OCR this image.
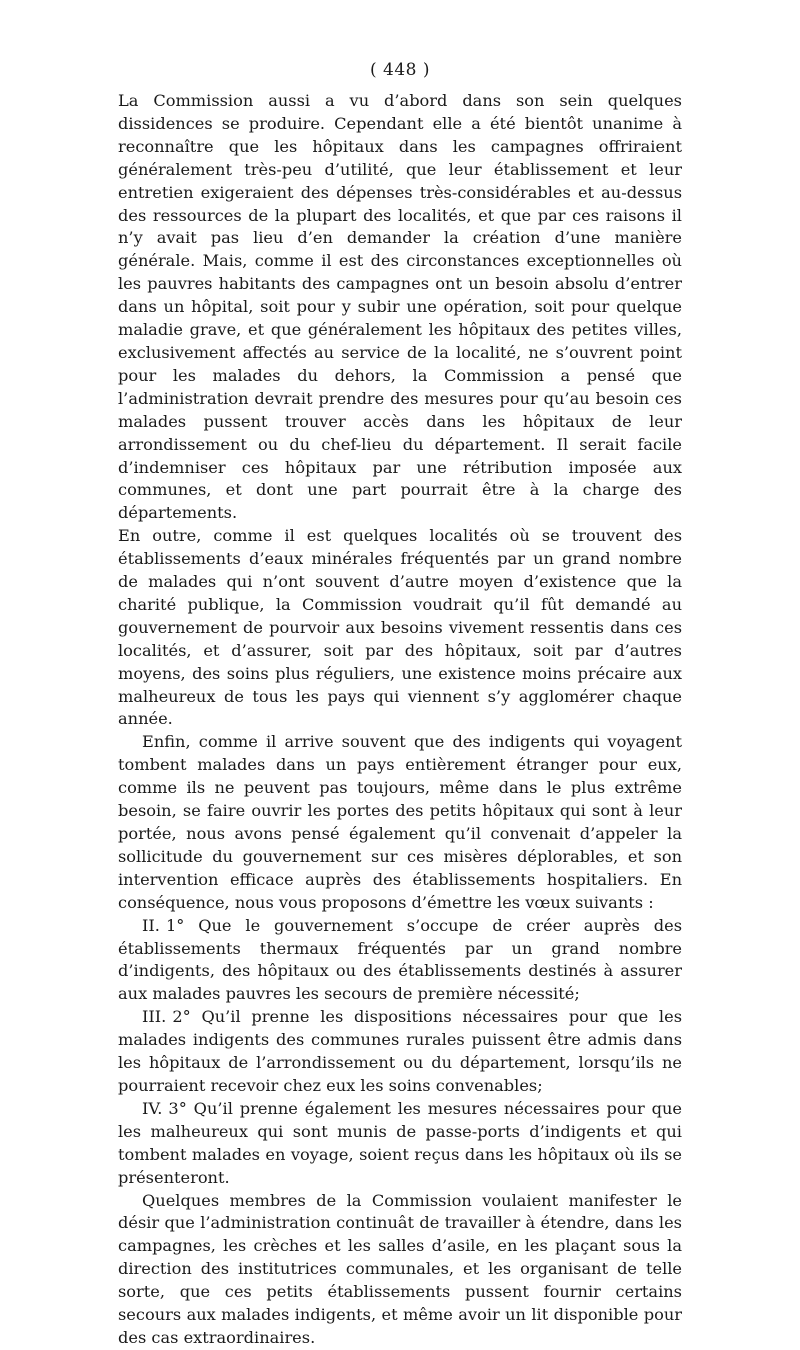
( 448 )

La Commission aussi a vu d’abord dans son sein quelques dissidences se produire. Cependant elle a été bientôt unanime à reconnaître que les hôpitaux dans les campagnes offriraient généralement très-peu d’utilité, que leur établissement et leur entretien exigeraient des dépenses très-considérables et au-dessus des ressources de la plupart des localités, et que par ces raisons il n’y avait pas lieu d’en demander la création d’une manière générale. Mais, comme il est des circonstances exceptionnelles où les pauvres habitants des campagnes ont un besoin absolu d’entrer dans un hôpital, soit pour y subir une opération, soit pour quelque maladie grave, et que généralement les hôpitaux des petites villes, exclusivement affectés au service de la localité, ne s’ouvrent point pour les malades du dehors, la Commission a pensé que l’administration devrait prendre des mesures pour qu’au besoin ces malades pussent trouver accès dans les hôpitaux de leur arrondissement ou du chef-lieu du département. Il serait facile d’indemniser ces hôpitaux par une rétribution imposée aux communes, et dont une part pourrait être à la charge des départements.

En outre, comme il est quelques localités où se trouvent des établissements d’eaux minérales fréquentés par un grand nombre de malades qui n’ont souvent d’autre moyen d’existence que la charité publique, la Commission voudrait qu’il fût demandé au gouvernement de pourvoir aux besoins vivement ressentis dans ces localités, et d’assurer, soit par des hôpitaux, soit par d’autres moyens, des soins plus réguliers, une existence moins précaire aux malheureux de tous les pays qui viennent s’y agglomérer chaque année.

Enfin, comme il arrive souvent que des indigents qui voyagent tombent malades dans un pays entièrement étranger pour eux, comme ils ne peuvent pas toujours, même dans le plus extrême besoin, se faire ouvrir les portes des petits hôpitaux qui sont à leur portée, nous avons pensé également qu’il convenait d’appeler la sollicitude du gouvernement sur ces misères déplorables, et son intervention efficace auprès des établissements hospitaliers. En conséquence, nous vous proposons d’émettre les vœux suivants :

II. 1° Que le gouvernement s’occupe de créer auprès des établissements thermaux fréquentés par un grand nombre d’indigents, des hôpitaux ou des établissements destinés à assurer aux malades pauvres les secours de première nécessité;

III. 2° Qu’il prenne les dispositions nécessaires pour que les malades indigents des communes rurales puissent être admis dans les hôpitaux de l’arrondissement ou du département, lorsqu’ils ne pourraient recevoir chez eux les soins convenables;

IV. 3° Qu’il prenne également les mesures nécessaires pour que les malheureux qui sont munis de passe-ports d’indigents et qui tombent malades en voyage, soient reçus dans les hôpitaux où ils se présenteront.

Quelques membres de la Commission voulaient manifester le désir que l’administration continuât de travailler à étendre, dans les campagnes, les crèches et les salles d’asile, en les plaçant sous la direction des institutrices communales, et les organisant de telle sorte, que ces petits établissements pussent fournir certains secours aux malades indigents, et même avoir un lit disponible pour des cas extraordinaires.
